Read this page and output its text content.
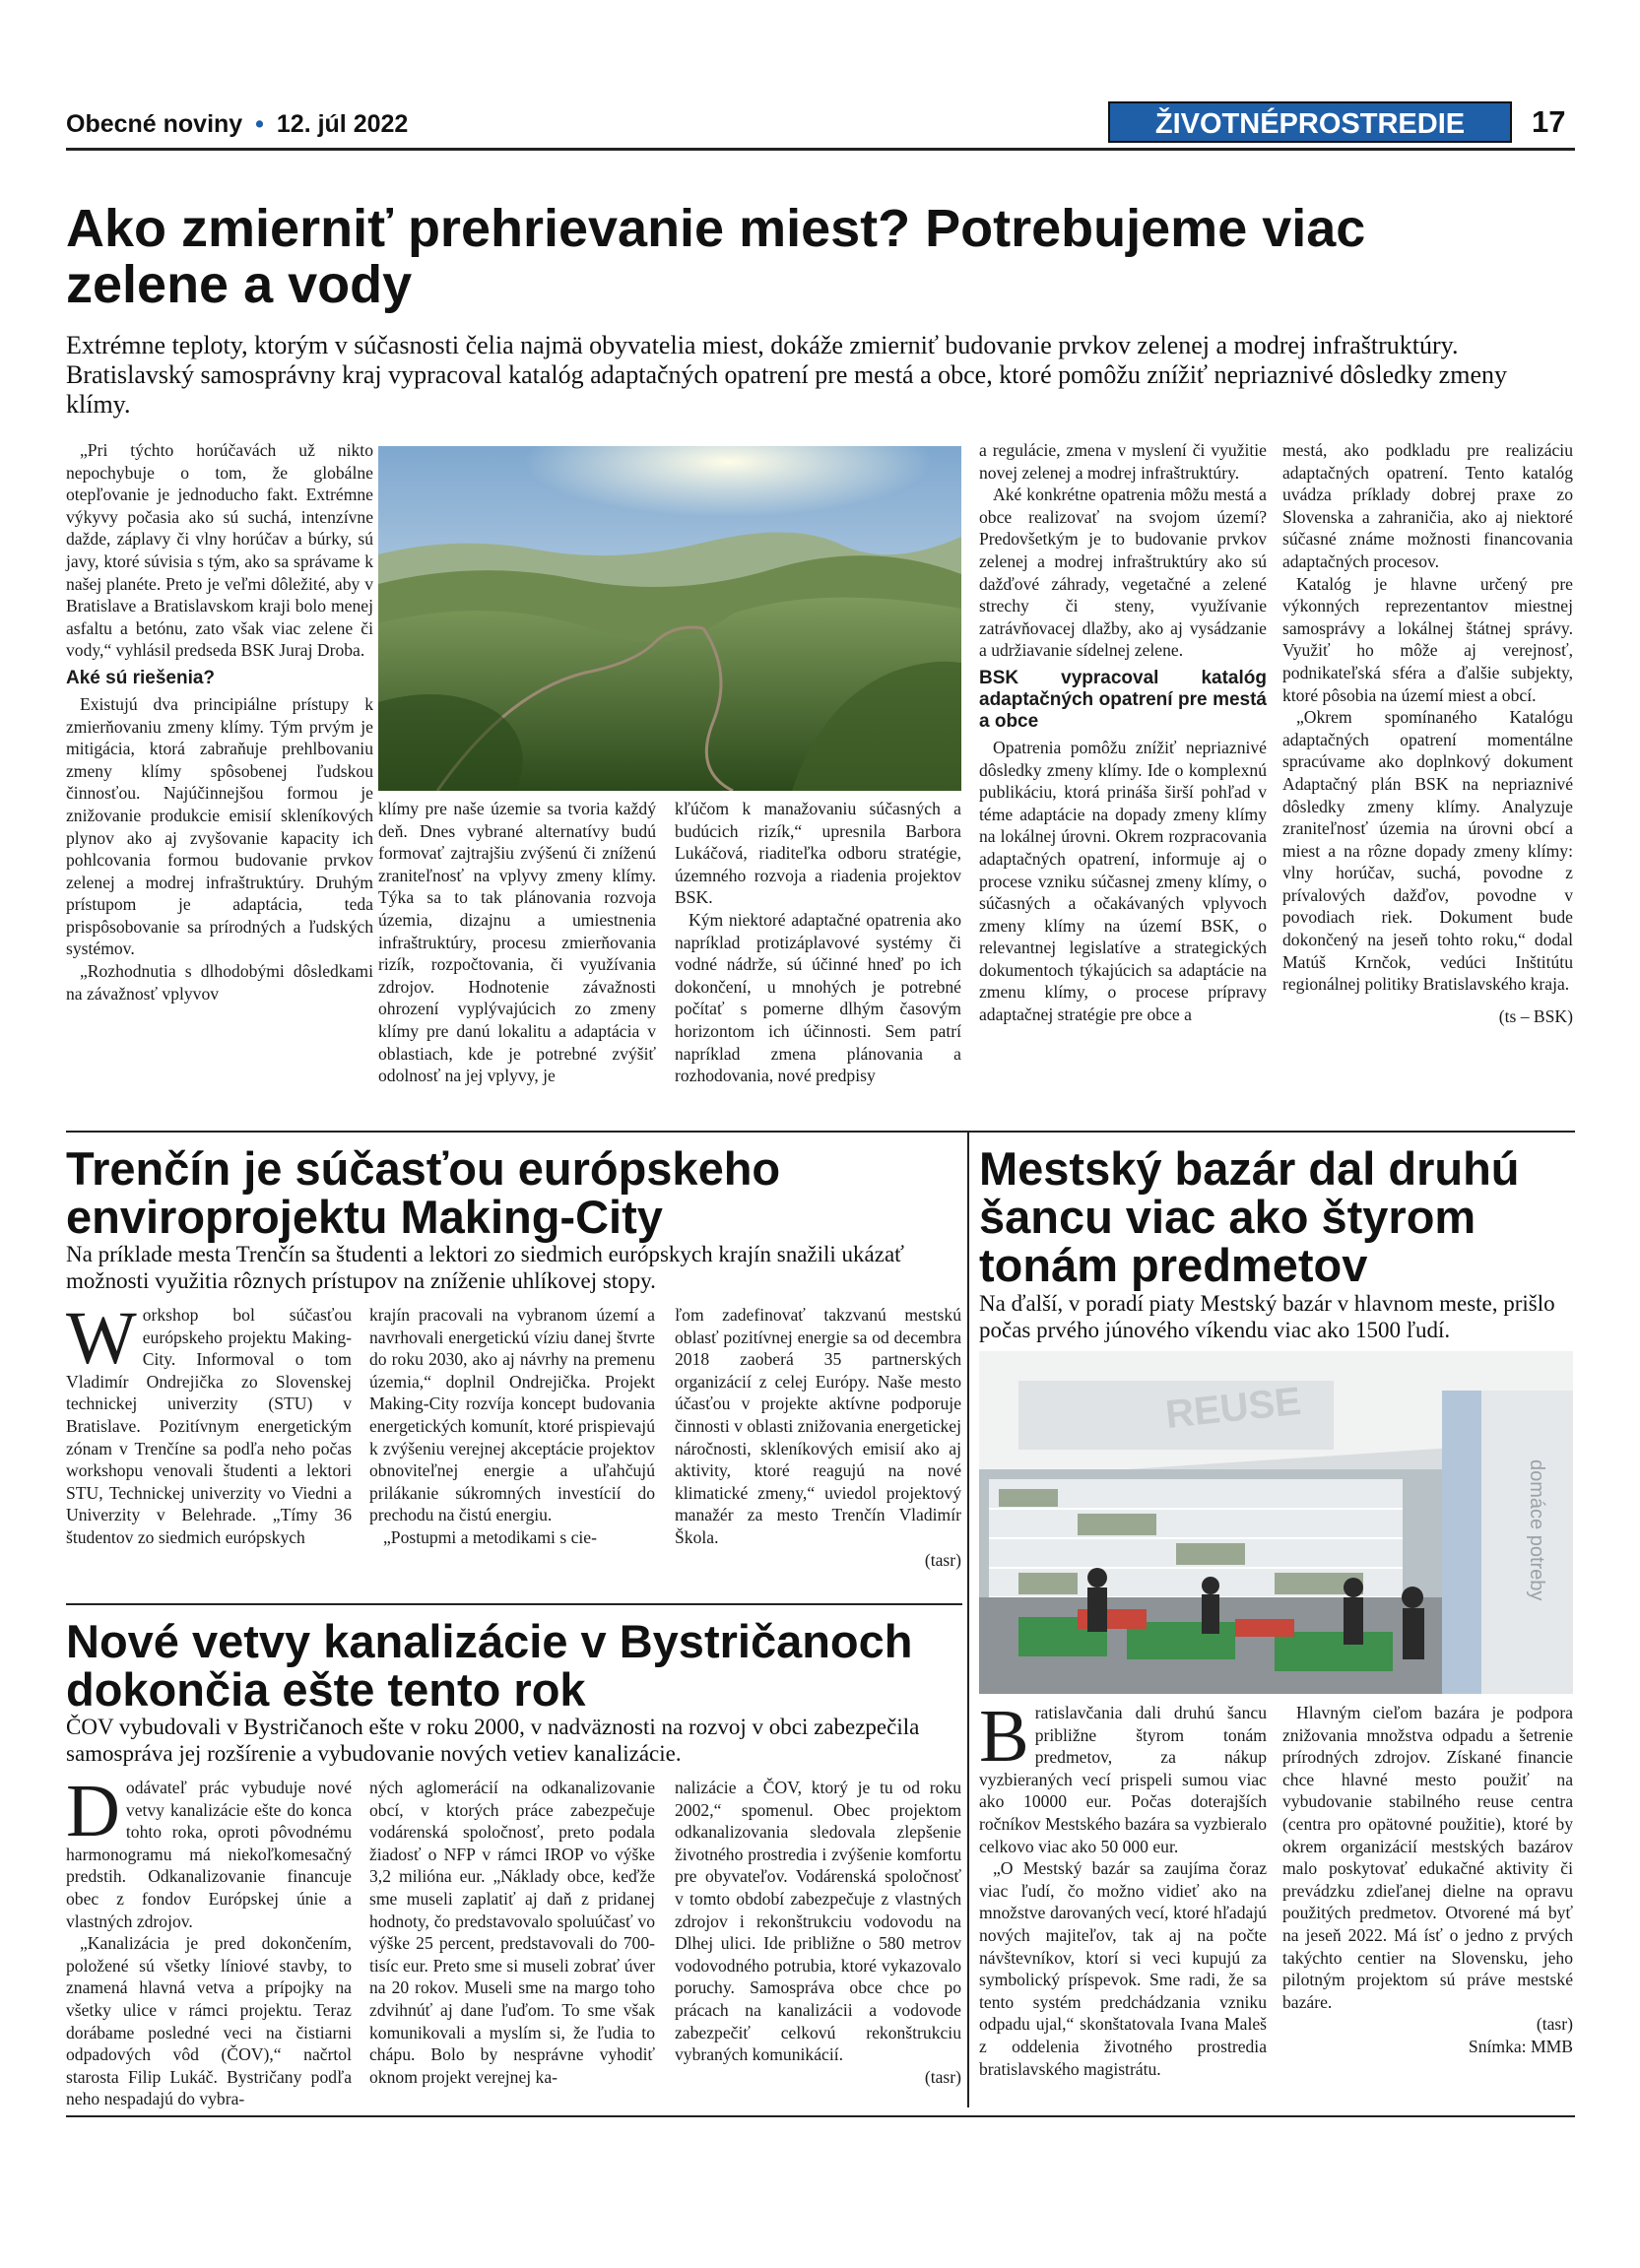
Obecné noviny • 12. júl 2022	ŽIVOTNÉPROSTREDIE	17
Ako zmierniť prehrievanie miest? Potrebujeme viac zelene a vody
Extrémne teploty, ktorým v súčasnosti čelia najmä obyvatelia miest, dokáže zmierniť budovanie prvkov zelenej a modrej infraštruktúry. Bratislavský samosprávny kraj vypracoval katalóg adaptačných opatrení pre mestá a obce, ktoré pomôžu znížiť nepriaznivé dôsledky zmeny klímy.

„Pri týchto horúčavách už nikto nepochybuje o tom, že globálne otepľovanie je jednoducho fakt. Extrémne výkyvy počasia ako sú suchá, intenzívne dažde, záplavy či vlny horúčav a búrky, sú javy, ktoré súvisia s tým, ako sa správame k našej planéte. Preto je veľmi dôležité, aby v Bratislave a Bratislavskom kraji bolo menej asfaltu a betónu, zato však viac zelene či vody,“ vyhlásil predseda BSK Juraj Droba.

Aké sú riešenia?

Existujú dva principiálne prístupy k zmierňovaniu zmeny klímy. Tým prvým je mitigácia, ktorá zabraňuje prehlbovaniu zmeny klímy spôsobenej ľudskou činnosťou. Najúčinnejšou formou je znižovanie produkcie emisií skleníkových plynov ako aj zvyšovanie kapacity ich pohlcovania formou budovanie prvkov zelenej a modrej infraštruktúry. Druhým prístupom je adaptácia, teda prispôsobovanie sa prírodných a ľudských systémov.

„Rozhodnutia s dlhodobými dôsledkami na závažnosť vplyvov

klímy pre naše územie sa tvoria každý deň. Dnes vybrané alternatívy budú formovať zajtrajšiu zvýšenú či zníženú zraniteľnosť na vplyvy zmeny klímy. Týka sa to tak plánovania rozvoja územia, dizajnu a umiestnenia infraštruktúry, procesu zmierňovania rizík, rozpočtovania, či využívania zdrojov. Hodnotenie závažnosti ohrození vyplývajúcich zo zmeny klímy pre danú lokalitu a adaptácia v oblastiach, kde je potrebné zvýšiť odolnosť na jej vplyvy, je

kľúčom k manažovaniu súčasných a budúcich rizík,“ upresnila Barbora Lukáčová, riaditeľka odboru stratégie, územného rozvoja a riadenia projektov BSK.

Kým niektoré adaptačné opatrenia ako napríklad protizáplavové systémy či vodné nádrže, sú účinné hneď po ich dokončení, u mnohých je potrebné počítať s pomerne dlhým časovým horizontom ich účinnosti. Sem patrí napríklad zmena plánovania a rozhodovania, nové predpisy

a regulácie, zmena v myslení či využitie novej zelenej a modrej infraštruktúry.

Aké konkrétne opatrenia môžu mestá a obce realizovať na svojom území? Predovšetkým je to budovanie prvkov zelenej a modrej infraštruktúry ako sú dažďové záhrady, vegetačné a zelené strechy či steny, využívanie zatrávňovacej dlažby, ako aj vysádzanie a udržiavanie sídelnej zelene.

BSK vypracoval katalóg adaptačných opatrení pre mestá a obce

Opatrenia pomôžu znížiť nepriaznivé dôsledky zmeny klímy. Ide o komplexnú publikáciu, ktorá prináša širší pohľad v téme adaptácie na dopady zmeny klímy na lokálnej úrovni. Okrem rozpracovania adaptačných opatrení, informuje aj o procese vzniku súčasnej zmeny klímy, o súčasných a očakávaných vplyvoch zmeny klímy na území BSK, o relevantnej legislatíve a strategických dokumentoch týkajúcich sa adaptácie na zmenu klímy, o procese prípravy adaptačnej stratégie pre obce a

mestá, ako podkladu pre realizáciu adaptačných opatrení. Tento katalóg uvádza príklady dobrej praxe zo Slovenska a zahraničia, ako aj niektoré súčasné známe možnosti financovania adaptačných procesov.

Katalóg je hlavne určený pre výkonných reprezentantov miestnej samosprávy a lokálnej štátnej správy. Využiť ho môže aj verejnosť, podnikateľská sféra a ďalšie subjekty, ktoré pôsobia na území miest a obcí.

„Okrem spomínaného Katalógu adaptačných opatrení momentálne spracúvame ako doplnkový dokument Adaptačný plán BSK na nepriaznivé dôsledky zmeny klímy. Analyzuje zraniteľnosť územia na úrovni obcí a miest a na rôzne dopady zmeny klímy: vlny horúčav, suchá, povodne z prívalových dažďov, povodne v povodiach riek. Dokument bude dokončený na jeseň tohto roku,“ dodal Matúš Krnčok, vedúci Inštitútu regionálnej politiky Bratislavského kraja.

(ts – BSK)

Trenčín je súčasťou európskeho enviroprojektu Making-City
Na príklade mesta Trenčín sa študenti a lektori zo siedmich európskych krajín snažili ukázať možnosti využitia rôznych prístupov na zníženie uhlíkovej stopy.

Workshop bol súčasťou európskeho projektu Making-City. Informoval o tom Vladimír Ondrejička zo Slovenskej technickej univerzity (STU) v Bratislave. Pozitívnym energetickým zónam v Trenčíne sa podľa neho počas workshopu venovali študenti a lektori STU, Technickej univerzity vo Viedni a Univerzity v Belehrade. „Tímy 36 študentov zo siedmich európskych

krajín pracovali na vybranom území a navrhovali energetickú víziu danej štvrte do roku 2030, ako aj návrhy na premenu územia,“ doplnil Ondrejička. Projekt Making-City rozvíja koncept budovania energetických komunít, ktoré prispievajú k zvýšeniu verejnej akceptácie projektov obnoviteľnej energie a uľahčujú prilákanie súkromných investícií do prechodu na čistú energiu.

„Postupmi a metodikami s cie-

ľom zadefinovať takzvanú mestskú oblasť pozitívnej energie sa od decembra 2018 zaoberá 35 partnerských organizácií z celej Európy. Naše mesto účasťou v projekte aktívne podporuje činnosti v oblasti znižovania energetickej náročnosti, skleníkových emisií ako aj aktivity, ktoré reagujú na nové klimatické zmeny,“ uviedol projektový manažér za mesto Trenčín Vladimír Škola.

(tasr)

Nové vetvy kanalizácie v Bystričanoch dokončia ešte tento rok
ČOV vybudovali v Bystričanoch ešte v roku 2000, v nadväznosti na rozvoj v obci zabezpečila samospráva jej rozšírenie a vybudovanie nových vetiev kanalizácie.

Dodávateľ prác vybuduje nové vetvy kanalizácie ešte do konca tohto roka, oproti pôvodnému harmonogramu má niekoľkomesačný predstih. Odkanalizovanie financuje obec z fondov Európskej únie a vlastných zdrojov.

„Kanalizácia je pred dokončením, položené sú všetky líniové stavby, to znamená hlavná vetva a prípojky na všetky ulice v rámci projektu. Teraz dorábame posledné veci na čistiarni odpadových vôd (ČOV),“ načrtol starosta Filip Lukáč. Bystričany podľa neho nespadajú do vybra-

ných aglomerácií na odkanalizovanie obcí, v ktorých práce zabezpečuje vodárenská spoločnosť, preto podala žiadosť o NFP v rámci IROP vo výške 3,2 miliónа eur. „Náklady obce, keďže sme museli zaplatiť aj daň z pridanej hodnoty, čo predstavovalo spoluúčasť vo výške 25 percent, predstavovali do 700-tisíc eur. Preto sme si museli zobrať úver na 20 rokov. Museli sme na margo toho zdvihnúť aj dane ľuďom. To sme však komunikovali a myslím si, že ľudia to chápu. Bolo by nesprávne vyhodiť oknom projekt verejnej ka-

nalizácie a ČOV, ktorý je tu od roku 2002,“ spomenul. Obec projektom odkanalizovania sledovala zlepšenie životného prostredia i zvýšenie komfortu pre obyvateľov. Vodárenská spoločnosť v tomto období zabezpečuje z vlastných zdrojov i rekonštrukciu vodovodu na Dlhej ulici. Ide približne o 580 metrov vodovodného potrubia, ktoré vykazovalo poruchy. Samospráva obce chce po prácach na kanalizácii a vodovode zabezpečiť celkovú rekonštrukciu vybraných komunikácií.

(tasr)

Mestský bazár dal druhú šancu viac ako štyrom tonám predmetov
Na ďalší, v poradí piaty Mestský bazár v hlavnom meste, prišlo počas prvého júnového víkendu viac ako 1500 ľudí.
REUSE
domáce potreby

Bratislavčania dali druhú šancu približne štyrom tonám predmetov, za nákup vyzbieraných vecí prispeli sumou viac ako 10000 eur. Počas doterajších ročníkov Mestského bazára sa vyzbieralo celkovo viac ako 50 000 eur.

„O Mestský bazár sa zaujíma čoraz viac ľudí, čo možno vidieť ako na množstve darovaných vecí, ktoré hľadajú nových majiteľov, tak aj na počte návštevníkov, ktorí si veci kupujú za symbolický príspevok. Sme radi, že sa tento systém predchádzania vzniku odpadu ujal,“ skonštatovala Ivana Maleš z oddelenia životného prostredia bratislavského magistrátu.

Hlavným cieľom bazára je podpora znižovania množstva odpadu a šetrenie prírodných zdrojov. Získané financie chce hlavné mesto použiť na vybudovanie stabilného reuse centra (centra pro opätovné použitie), ktoré by okrem organizácií mestských bazárov malo poskytovať edukačné aktivity či prevádzku zdieľanej dielne na opravu použitých predmetov. Otvorené má byť na jeseň 2022. Má ísť o jedno z prvých takýchto centier na Slovensku, jeho pilotným projektom sú práve mestské bazáre.

(tasr)

Snímka: MMB
